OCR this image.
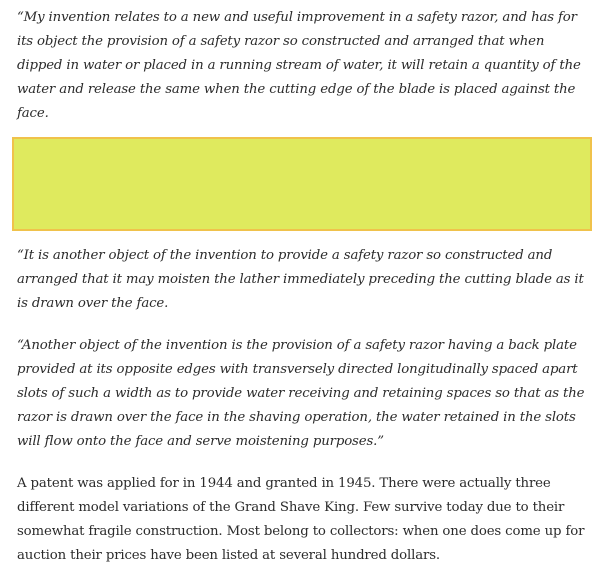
“My invention relates to a new and useful improvement in a safety razor, and has for its object the provision of a safety razor so constructed and arranged that when dipped in water or placed in a running stream of water, it will retain a quantity of the water and release the same when the cutting edge of the blade is placed against the face.

“It is another object of the invention to provide a safety razor so constructed and arranged that it may moisten the lather immediately preceding the cutting blade as it is drawn over the face.

“Another object of the invention is the provision of a safety razor having a back plate provided at its opposite edges with transversely directed longitudinally spaced apart slots of such a width as to provide water receiving and retaining spaces so that as the razor is drawn over the face in the shaving operation, the water retained in the slots will flow onto the face and serve moistening purposes.”

A patent was applied for in 1944 and granted in 1945. There were actually three different model variations of the Grand Shave King. Few survive today due to their somewhat fragile construction. Most belong to collectors: when one does come up for auction their prices have been listed at several hundred dollars.
